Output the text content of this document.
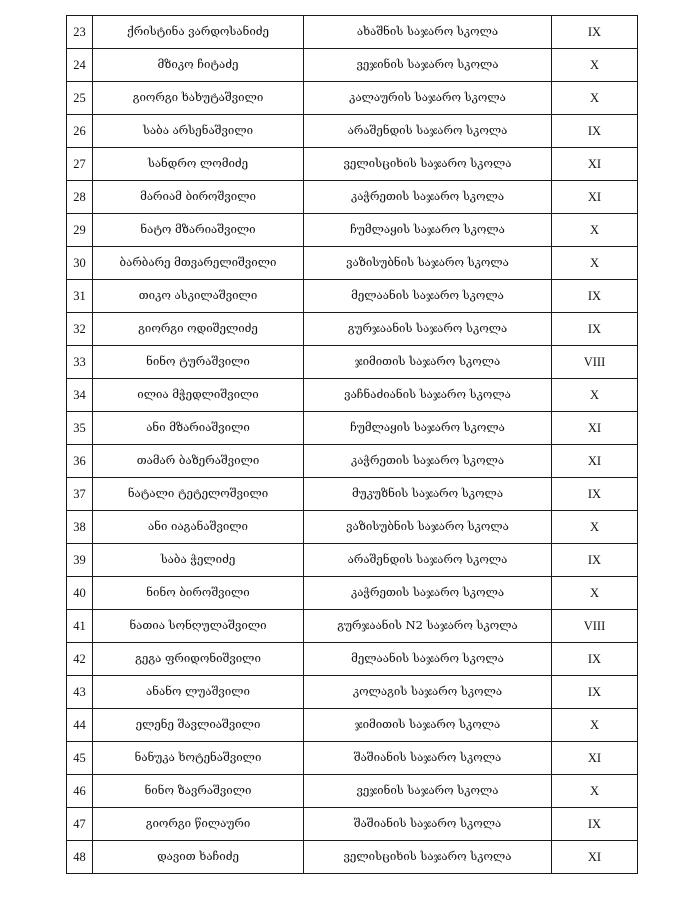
23	ქრისტინა ვარდოსანიძე	ახაშნის საჯარო სკოლა	IX
24	მზიკო ჩიტაძე	ვეჯინის საჯარო სკოლა	X
25	გიორგი ხახუტაშვილი	კალაურის საჯარო სკოლა	X
26	საბა არსენაშვილი	არაშენდის საჯარო სკოლა	IX
27	სანდრო ლომიძე	ველისციხის საჯარო სკოლა	XI
28	მარიამ ბიროშვილი	კაჭრეთის საჯარო სკოლა	XI
29	ნატო მზარიაშვილი	ჩუმლაყის საჯარო სკოლა	X
30	ბარბარე მთვარელიშვილი	ვაზისუბნის საჯარო სკოლა	X
31	თიკო ასკილაშვილი	მელაანის საჯარო სკოლა	IX
32	გიორგი ოდიშელიძე	გურჯაანის საჯარო სკოლა	IX
33	ნინო ტურაშვილი	ჯიმითის საჯარო სკოლა	VIII
34	ილია მჭედლიშვილი	ვაჩნაძიანის საჯარო სკოლა	X
35	ანი მზარიაშვილი	ჩუმლაყის საჯარო სკოლა	XI
36	თამარ ბაზერაშვილი	კაჭრეთის საჯარო სკოლა	XI
37	ნატალი ტეტელოშვილი	მუკუზნის საჯარო სკოლა	IX
38	ანი იაგანაშვილი	ვაზისუბნის საჯარო სკოლა	X
39	საბა ჭელიძე	არაშენდის საჯარო სკოლა	IX
40	ნინო ბიროშვილი	კაჭრეთის საჯარო სკოლა	X
41	ნათია სონღულაშვილი	გურჯაანის N2 საჯარო სკოლა	VIII
42	გეგა ფრიდონიშვილი	მელაანის საჯარო სკოლა	IX
43	ანანო ლუაშვილი	კოლაგის საჯარო სკოლა	IX
44	ელენე შავლიაშვილი	ჯიმითის საჯარო სკოლა	X
45	ნანუკა ხოტენაშვილი	შაშიანის საჯარო სკოლა	XI
46	ნინო ზავრაშვილი	ვეჯინის საჯარო სკოლა	X
47	გიორგი წილაური	შაშიანის საჯარო სკოლა	IX
48	დავით ხაჩიძე	ველისციხის საჯარო სკოლა	XI
